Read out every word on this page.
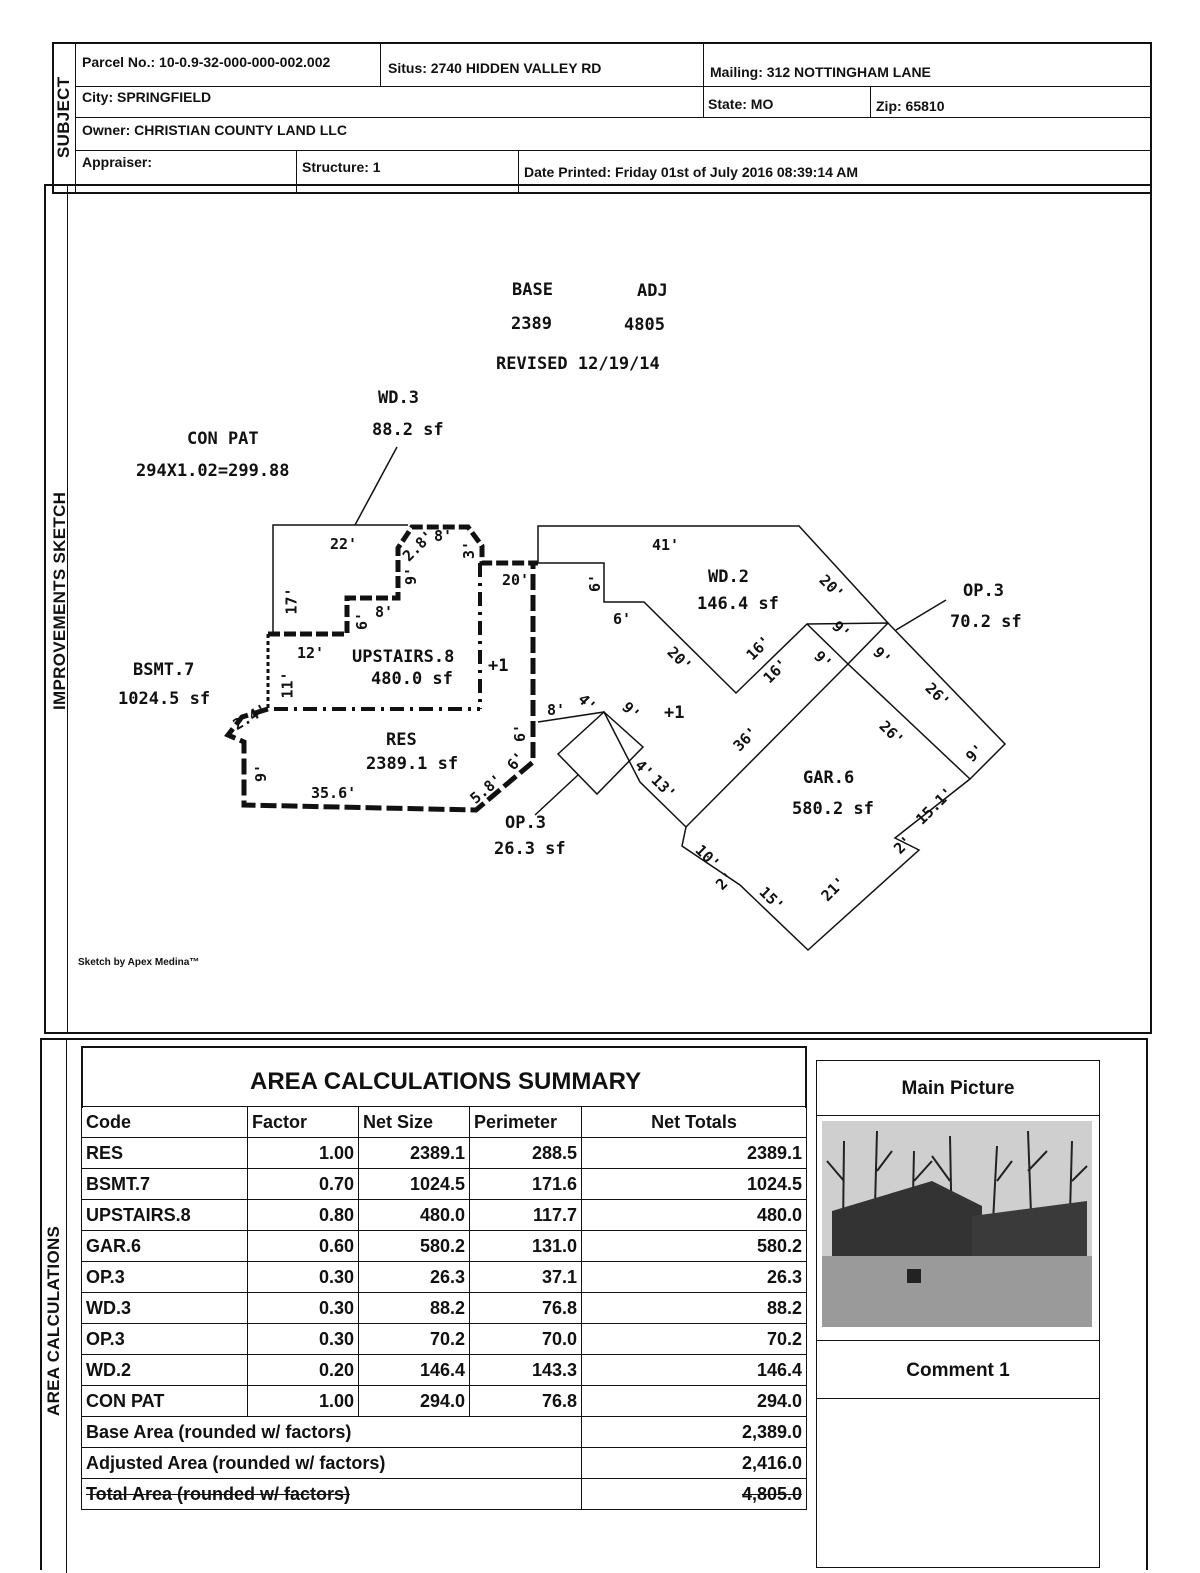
SUBJECT
Parcel No.: 10-0.9-32-000-000-002.002	Situs: 2740 HIDDEN VALLEY RD	Mailing: 312 NOTTINGHAM LANE
City: SPRINGFIELD	State: MO	Zip: 65810
Owner: CHRISTIAN COUNTY LAND LLC
Appraiser:	Structure: 1	Date Printed: Friday 01st of July 2016 08:39:14 AM
IMPROVEMENTS SKETCH
BASE	ADJ
2389	4805
REVISED 12/19/14
CON PAT
294X1.02=299.88
WD.3
88.2 sf
BSMT.7
1024.5 sf
UPSTAIRS.8
480.0 sf
+1
RES
2389.1 sf
WD.2
146.4 sf
OP.3
70.2 sf
+1
GAR.6
580.2 sf
OP.3
26.3 sf
22'
17'	8'
6'
12'
11'
2.8'
8'
3'
9'	20'
2.4'
9'
35.6'	5.8'
6'
6'
8' 4' 9'
41'
6'
6'
20'	16'
16'
20'
9'
9' 9'
26'
26'
9'
36'
4'
13'
10'
2'
15' 21'
2'
15.1'
Sketch by Apex Medina™
AREA CALCULATIONS
AREA CALCULATIONS SUMMARY
Code	Factor	Net Size	Perimeter	Net Totals
RES	1.00	2389.1	288.5	2389.1
BSMT.7	0.70	1024.5	171.6	1024.5
UPSTAIRS.8	0.80	480.0	117.7	480.0
GAR.6	0.60	580.2	131.0	580.2
OP.3	0.30	26.3	37.1	26.3
WD.3	0.30	88.2	76.8	88.2
OP.3	0.30	70.2	70.0	70.2
WD.2	0.20	146.4	143.3	146.4
CON PAT	1.00	294.0	76.8	294.0
Base Area (rounded w/ factors)				2,389.0
Adjusted Area (rounded w/ factors)				2,416.0
Total Area (rounded w/ factors)				4,805.0
Main Picture
Comment 1
